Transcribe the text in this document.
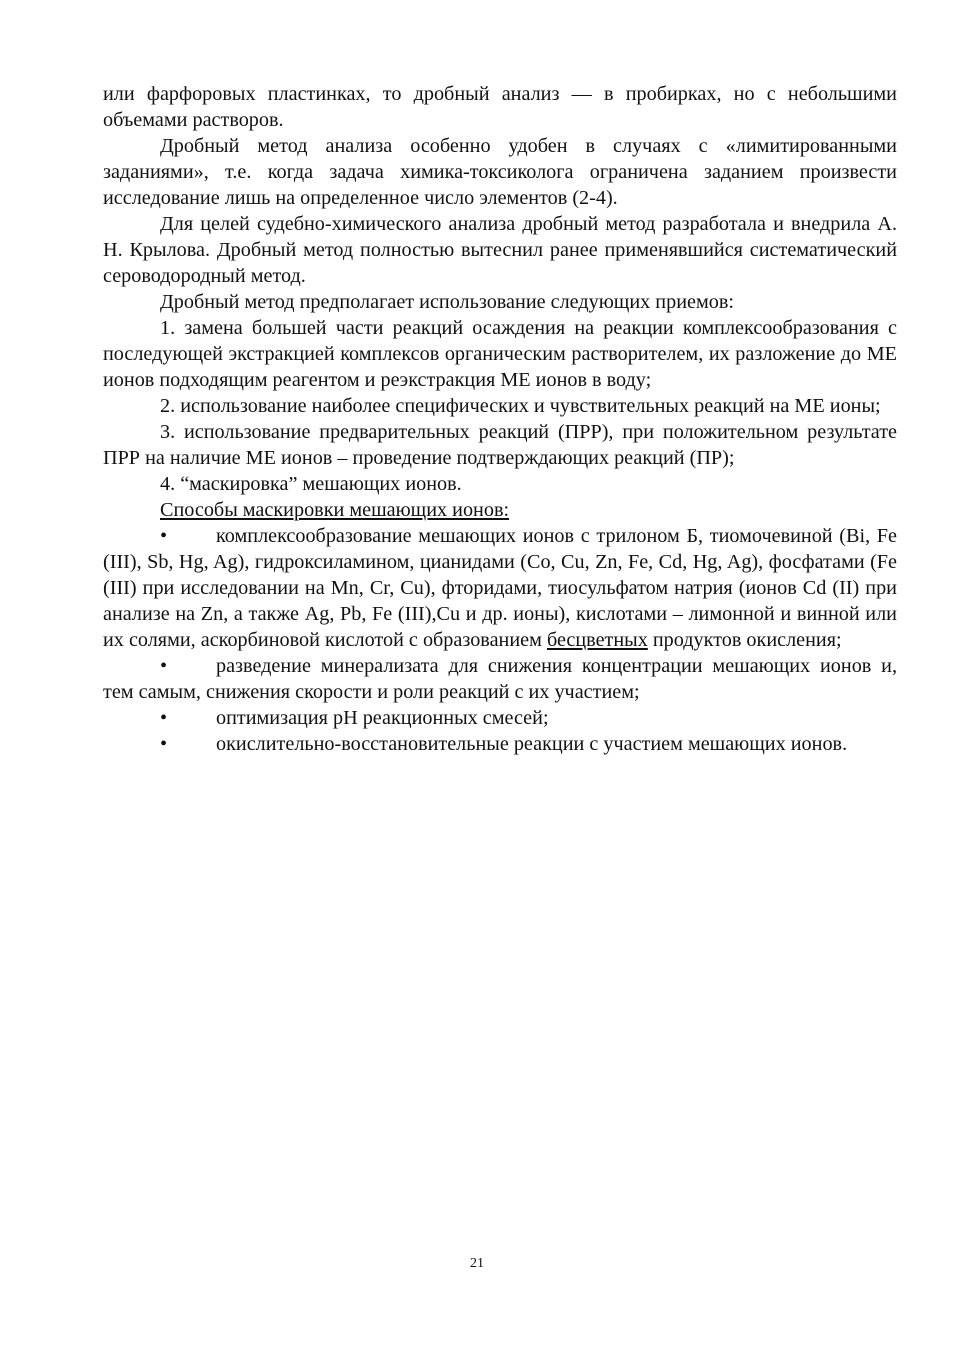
или фарфоровых пластинках, то дробный анализ — в пробирках, но с небольшими объемами растворов.

Дробный метод анализа особенно удобен в случаях с «лимитированными заданиями», т.е. когда задача химика-токсиколога ограничена заданием произвести исследование лишь на определенное число элементов (2-4).

Для целей судебно-химического анализа дробный метод разработала и внедрила А. Н. Крылова. Дробный метод полностью вытеснил ранее применявшийся систематический сероводородный метод.

Дробный метод предполагает использование следующих приемов:

1. замена большей части реакций осаждения на реакции комплексообразования с последующей экстракцией комплексов органическим растворителем, их разложение до МЕ ионов подходящим реагентом и реэкстракция МЕ ионов в воду;

2. использование наиболее специфических и чувствительных реакций на МЕ ионы;

3. использование предварительных реакций (ПРР), при положительном результате ПРР на наличие МЕ ионов – проведение подтверждающих реакций (ПР);

4. “маскировка” мешающих ионов.

Способы маскировки мешающих ионов:

• комплексообразование мешающих ионов с трилоном Б, тиомочевиной (Bi, Fe (III), Sb, Hg, Ag), гидроксиламином, цианидами (Co, Cu, Zn, Fe, Cd, Hg, Ag), фосфатами (Fe (III) при исследовании на Mn, Cr, Cu), фторидами, тиосульфатом натрия (ионов Cd (II) при анализе на Zn, а также Ag, Pb, Fe (III),Cu и др. ионы), кислотами – лимонной и винной или их солями, аскорбиновой кислотой с образованием бесцветных продуктов окисления;

• разведение минерализата для снижения концентрации мешающих ионов и, тем самым, снижения скорости и роли реакций с их участием;

• оптимизация pH реакционных смесей;

• окислительно-восстановительные реакции с участием мешающих ионов.

21
